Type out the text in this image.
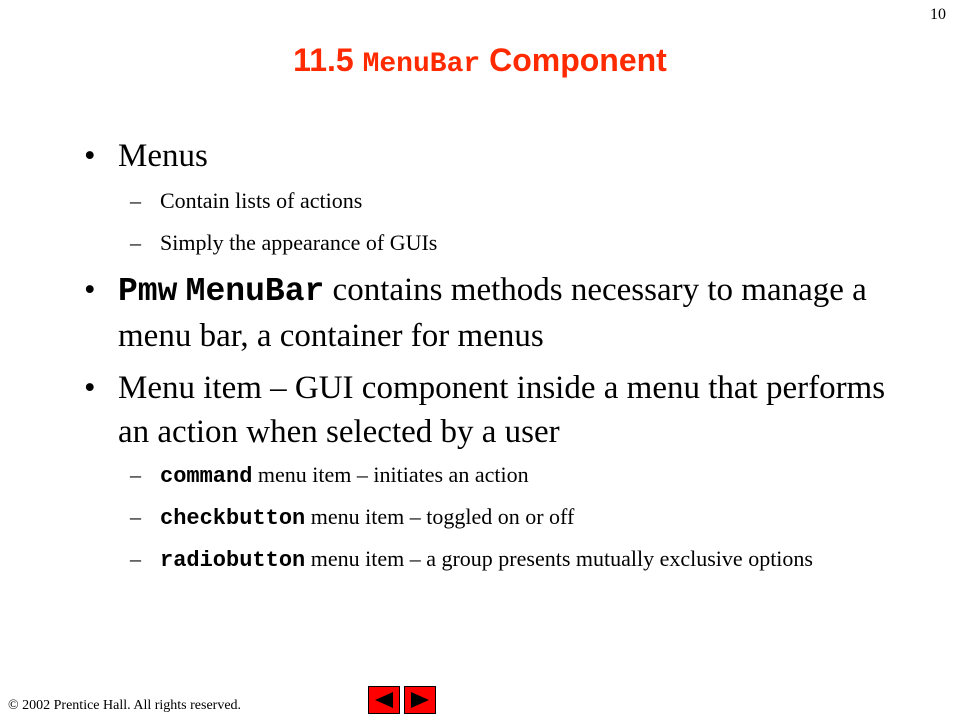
10
11.5 MenuBar Component
• Menus
– Contain lists of actions
– Simply the appearance of GUIs
• Pmw MenuBar contains methods necessary to manage a menu bar, a container for menus
• Menu item – GUI component inside a menu that performs an action when selected by a user
– command menu item – initiates an action
– checkbutton menu item – toggled on or off
– radiobutton menu item – a group presents mutually exclusive options
© 2002 Prentice Hall. All rights reserved.
